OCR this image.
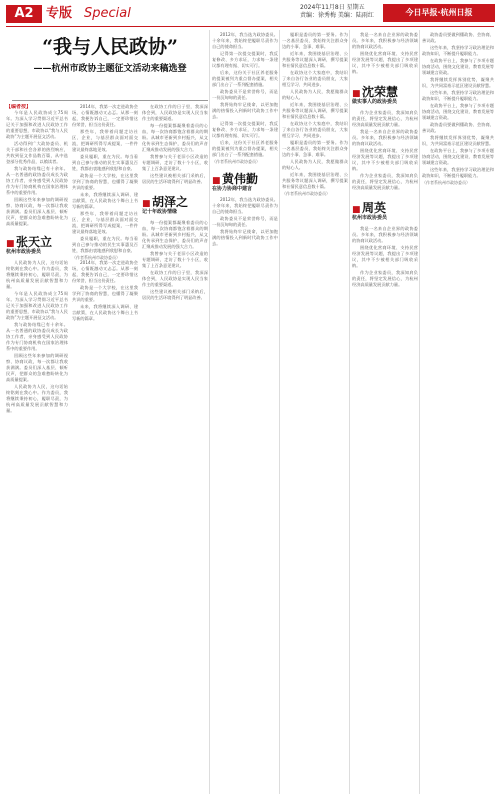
A2 专版 Special	2024年11月8日 星期五
责编：徐秀梅 美编：陆雨红	今日早报·杭州日报
“我与人民政协”
——杭州市政协主题征文活动来稿选登
【编者按】

今年是人民政协成立75周年。为深入学习贯彻习近平总书记关于加强和改进人民政协工作的重要思想，市政协以“我与人民政协”为主题开展征文活动。

活动得到广大政协委员、机关干部和社会各界的热烈响应，共收到征文作品数百篇，从中选登部分优秀作品，以飨读者。

我与政协结缘已有十余年。从一名普通的政协委员成长为政协工作者，亲身感受到人民政协作为专门协商机构在国家治理体系中的重要作用。

回顾这些年来参加的调研视察、协商议政，每一次都让我收获满满。委员们深入基层、倾听民声，把群众的急难愁盼转化为高质量提案。

■ 张天立
杭州市政协委员

人民政协为人民，这句话始终铭刻在我心中。作为委员，我将继续秉持初心，履职尽责，为杭州高质量发展贡献智慧和力量。

今年是人民政协成立75周年。为深入学习贯彻习近平总书记关于加强和改进人民政协工作的重要思想，市政协以“我与人民政协”为主题开展征文活动。

我与政协结缘已有十余年。从一名普通的政协委员成长为政协工作者，亲身感受到人民政协作为专门协商机构在国家治理体系中的重要作用。

回顾这些年来参加的调研视察、协商议政，每一次都让我收获满满。委员们深入基层、倾听民声，把群众的急难愁盼转化为高质量提案。

人民政协为人民，这句话始终铭刻在我心中。作为委员，我将继续秉持初心，履职尽责，为杭州高质量发展贡献智慧和力量。

2014年，我第一次走进政协会场，心情既激动又忐忑。从那一刻起，我便告诉自己，一定要珍惜这份荣誉，担当这份责任。

那些年，我带着问题走访社区、企业，与基层群众面对面交流，把调研所得写成提案，一件件建议最终落地见效。

委员履职，重在为民。每当看到自己参与推动的民生实事惠及百姓，我都由衷地感到欣慰和自豪。

政协是一个大学校，在这里我学到了协商的智慧，也懂得了凝聚共识的重要。

未来，我将继续深入调研、建言献策，在人民政协这个舞台上书写新的篇章。

那些年，我带着问题走访社区、企业，与基层群众面对面交流，把调研所得写成提案，一件件建议最终落地见效。

委员履职，重在为民。每当看到自己参与推动的民生实事惠及百姓，我都由衷地感到欣慰和自豪。

（作者系杭州市政协委员）

2014年，我第一次走进政协会场，心情既激动又忐忑。从那一刻起，我便告诉自己，一定要珍惜这份荣誉，担当这份责任。

政协是一个大学校，在这里我学到了协商的智慧，也懂得了凝聚共识的重要。

未来，我将继续深入调研、建言献策，在人民政协这个舞台上书写新的篇章。

在政协工作的日子里，我深深体会到，人民政协是实现人民当家作主的重要渠道。

每一份提案都凝聚着委员的心血，每一次协商都饱含着群众的期盼。从城市更新到乡村振兴，从文化传承到生态保护，委员们的声音汇聚成推动发展的强大合力。

我曾参与关于老旧小区改造的专题调研，走访了数十个小区，收集了上百条意见建议。

这些建议被相关部门采纳后，居民的生活环境得到了明显改善。

■ 胡泽之
记十年政协情缘

每一份提案都凝聚着委员的心血，每一次协商都饱含着群众的期盼。从城市更新到乡村振兴，从文化传承到生态保护，委员们的声音汇聚成推动发展的强大合力。

我曾参与关于老旧小区改造的专题调研，走访了数十个小区，收集了上百条意见建议。

在政协工作的日子里，我深深体会到，人民政协是实现人民当家作主的重要渠道。

这些建议被相关部门采纳后，居民的生活环境得到了明显改善。

2012年，我当选为政协委员。十余年来，我始终把履职尽责作为自己的使命担当。

记得第一次提交提案时，我反复修改、多方求证，力求每一条建议都有理有据、切实可行。

后来，这份关于社区养老服务的提案被列为重点督办提案，相关部门出台了一系列配套措施。

政协委员不是荣誉称号，而是一份沉甸甸的责任。

我将始终牢记使命，以更加饱满的热情投入到新时代政协工作中去。

记得第一次提交提案时，我反复修改、多方求证，力求每一条建议都有理有据、切实可行。

后来，这份关于社区养老服务的提案被列为重点督办提案，相关部门出台了一系列配套措施。

（作者系杭州市政协委员）
■ 黄伟勤
在协力协商中建言

2012年，我当选为政协委员。十余年来，我始终把履职尽责作为自己的使命担当。

政协委员不是荣誉称号，而是一份沉甸甸的责任。

我将始终牢记使命，以更加饱满的热情投入到新时代政协工作中去。

履职是委员的第一要务。作为一名基层委员，我始终关注群众身边的小事、急事、难事。

近年来，我围绕基层治理、公共服务等议题深入调研，撰写提案和社情民意信息数十篇。

在政协这个大家庭中，我结识了来自各行各业的委员朋友，大家相互学习、共同进步。

人民政协为人民，我愿做群众的贴心人。

近年来，我围绕基层治理、公共服务等议题深入调研，撰写提案和社情民意信息数十篇。

在政协这个大家庭中，我结识了来自各行各业的委员朋友，大家相互学习、共同进步。

履职是委员的第一要务。作为一名基层委员，我始终关注群众身边的小事、急事、难事。

人民政协为人民，我愿做群众的贴心人。

近年来，我围绕基层治理、公共服务等议题深入调研，撰写提案和社情民意信息数十篇。

（作者系杭州市政协委员）

我是一名来自企业界的政协委员。多年来，我积极参与经济领域的协商议政活动。

围绕优化营商环境、支持民营经济发展等议题，我提出了多项建议，其中不少被相关部门吸收采纳。

■ 沈荣慧
做实事人的政协委员

作为企业家委员，我深知肩负的责任，将坚定发展信心，为杭州经济高质量发展贡献力量。

我是一名来自企业界的政协委员。多年来，我积极参与经济领域的协商议政活动。

围绕优化营商环境、支持民营经济发展等议题，我提出了多项建议，其中不少被相关部门吸收采纳。

作为企业家委员，我深知肩负的责任，将坚定发展信心，为杭州经济高质量发展贡献力量。

■ 周英
杭州市政协委员

我是一名来自企业界的政协委员。多年来，我积极参与经济领域的协商议政活动。

围绕优化营商环境、支持民营经济发展等议题，我提出了多项建议，其中不少被相关部门吸收采纳。

作为企业家委员，我深知肩负的责任，将坚定发展信心，为杭州经济高质量发展贡献力量。

政协委员要做到懂政协、会协商、善议政。

这些年来，我坚持学习政治理论和政协知识，不断提升履职能力。

在政协平台上，我参与了多项专题协商活动，围绕文化建设、教育发展等领域建言资政。

我将继续发挥界别优势，凝聚共识，为共同富裕示范区建设贡献智慧。

这些年来，我坚持学习政治理论和政协知识，不断提升履职能力。

在政协平台上，我参与了多项专题协商活动，围绕文化建设、教育发展等领域建言资政。

政协委员要做到懂政协、会协商、善议政。

我将继续发挥界别优势，凝聚共识，为共同富裕示范区建设贡献智慧。

在政协平台上，我参与了多项专题协商活动，围绕文化建设、教育发展等领域建言资政。

这些年来，我坚持学习政治理论和政协知识，不断提升履职能力。

（作者系杭州市政协委员）
